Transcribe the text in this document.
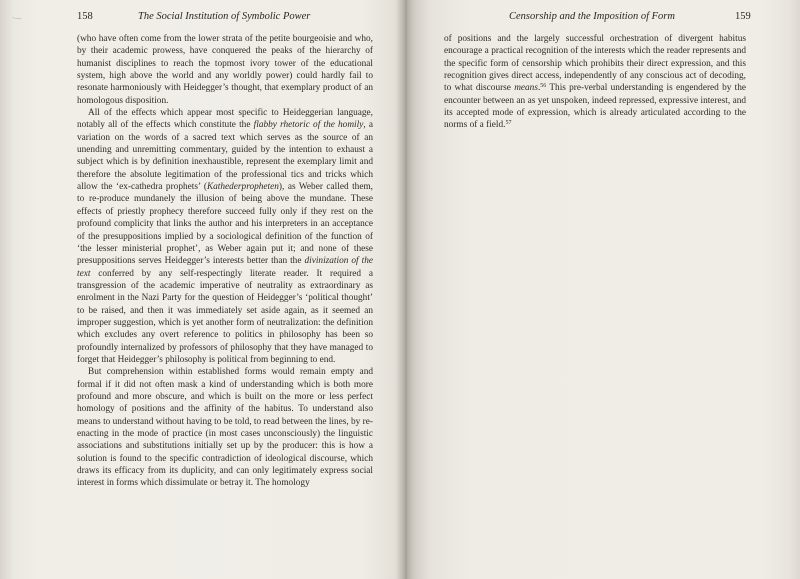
·—	158	The Social Institution of Symbolic Power

(who have often come from the lower strata of the petite bourgeoisie and who, by their academic prowess, have conquered the peaks of the hierarchy of humanist disciplines to reach the topmost ivory tower of the educational system, high above the world and any worldly power) could hardly fail to resonate harmoniously with Heidegger’s thought, that exemplary product of an homologous disposition.

All of the effects which appear most specific to Heideggerian language, notably all of the effects which constitute the flabby rhetoric of the homily, a variation on the words of a sacred text which serves as the source of an unending and unremitting commentary, guided by the intention to exhaust a subject which is by definition inexhaustible, represent the exemplary limit and therefore the absolute legitimation of the professional tics and tricks which allow the ‘ex-cathedra prophets’ (Kathederpropheten), as Weber called them, to re-produce mundanely the illusion of being above the mundane. These effects of priestly prophecy therefore succeed fully only if they rest on the profound complicity that links the author and his interpreters in an acceptance of the presuppositions implied by a sociological definition of the function of ‘the lesser ministerial prophet’, as Weber again put it; and none of these presuppositions serves Heidegger’s interests better than the divinization of the text conferred by any self-respectingly literate reader. It required a transgression of the academic imperative of neutrality as extraordinary as enrolment in the Nazi Party for the question of Heidegger’s ‘political thought’ to be raised, and then it was immediately set aside again, as it seemed an improper suggestion, which is yet another form of neutralization: the definition which excludes any overt reference to politics in philosophy has been so profoundly internalized by professors of philosophy that they have managed to forget that Heidegger’s philosophy is political from beginning to end.

But comprehension within established forms would remain empty and formal if it did not often mask a kind of understanding which is both more profound and more obscure, and which is built on the more or less perfect homology of positions and the affinity of the habitus. To understand also means to understand without having to be told, to read between the lines, by re-enacting in the mode of practice (in most cases unconsciously) the linguistic associations and substitutions initially set up by the producer: this is how a solution is found to the specific contradiction of ideological discourse, which draws its efficacy from its duplicity, and can only legitimately express social interest in forms which dissimulate or betray it. The homology

Censorship and the Imposition of Form	159

of positions and the largely successful orchestration of divergent habitus encourage a practical recognition of the interests which the reader represents and the specific form of censorship which prohibits their direct expression, and this recognition gives direct access, independently of any conscious act of decoding, to what discourse means.$^{56}$ This pre-verbal understanding is engendered by the encounter between an as yet unspoken, indeed repressed, expressive interest, and its accepted mode of expression, which is already articulated according to the norms of a field.$^{57}$
